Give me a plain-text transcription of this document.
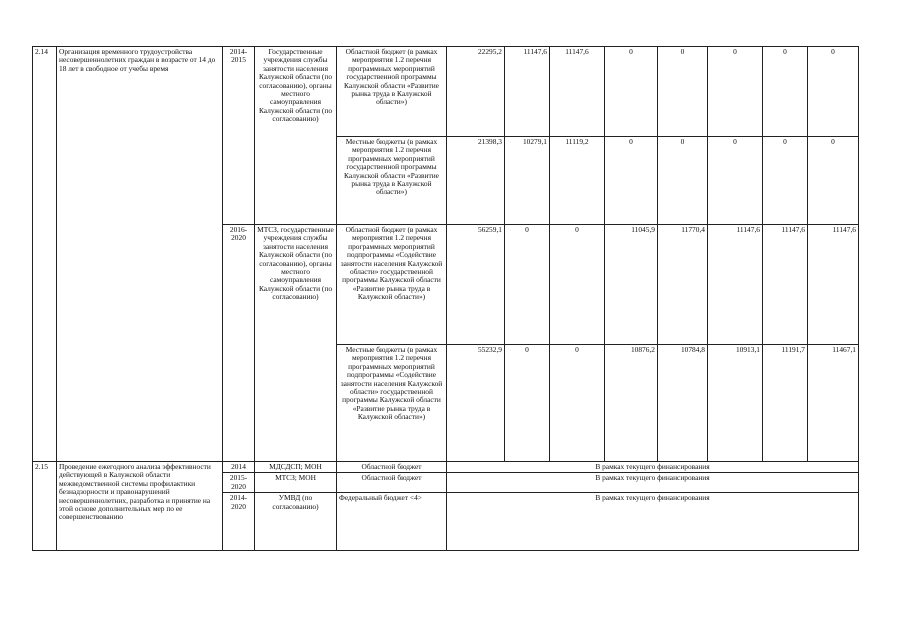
2.14	Организация временного трудоустройства несовершеннолетних граждан в возрасте от 14 до 18 лет в свободное от учебы время	2014-2015	Государственные учреждения службы занятости населения Калужской области (по согласованию), органы местного самоуправления Калужской области (по согласованию)	Областной бюджет (в рамках мероприятия 1.2 перечня программных мероприятий государственной программы Калужской области «Развитие рынка труда в Калужской области»)	22295,2	11147,6	11147,6	0	0	0	0	0
				Местные бюджеты (в рамках мероприятия 1.2 перечня программных мероприятий государственной программы Калужской области «Развитие рынка труда в Калужской области»)	21398,3	10279,1	11119,2	0	0	0	0	0
		2016-2020	МТСЗ, государственные учреждения службы занятости населения Калужской области (по согласованию), органы местного самоуправления Калужской области (по согласованию)	Областной бюджет (в рамках мероприятия 1.2 перечня программных мероприятий подпрограммы «Содействие занятости населения Калужской области» государственной программы Калужской области «Развитие рынка труда в Калужской области»)	56259,1	0	0	11045,9	11770,4	11147,6	11147,6	11147,6
				Местные бюджеты (в рамках мероприятия 1.2 перечня программных мероприятий подпрограммы «Содействие занятости населения Калужской области» государственной программы Калужской области «Развитие рынка труда в Калужской области»)	55232,9	0	0	10876,2	10784,8	10913,1	11191,7	11467,1
2.15	Проведение ежегодного анализа эффективности действующей в Калужской области межведомственной системы профилактики безнадзорности и правонарушений несовершеннолетних, разработка и принятие на этой основе дополнительных мер по ее совершенствованию	2014	МДСДСП; МОН	Областной бюджет	В рамках текущего финансирования							
		2015-2020	МТСЗ; МОН	Областной бюджет	В рамках текущего финансирования							
		2014-2020	УМВД (по согласованию)	Федеральный бюджет <4>	В рамках текущего финансирования							
